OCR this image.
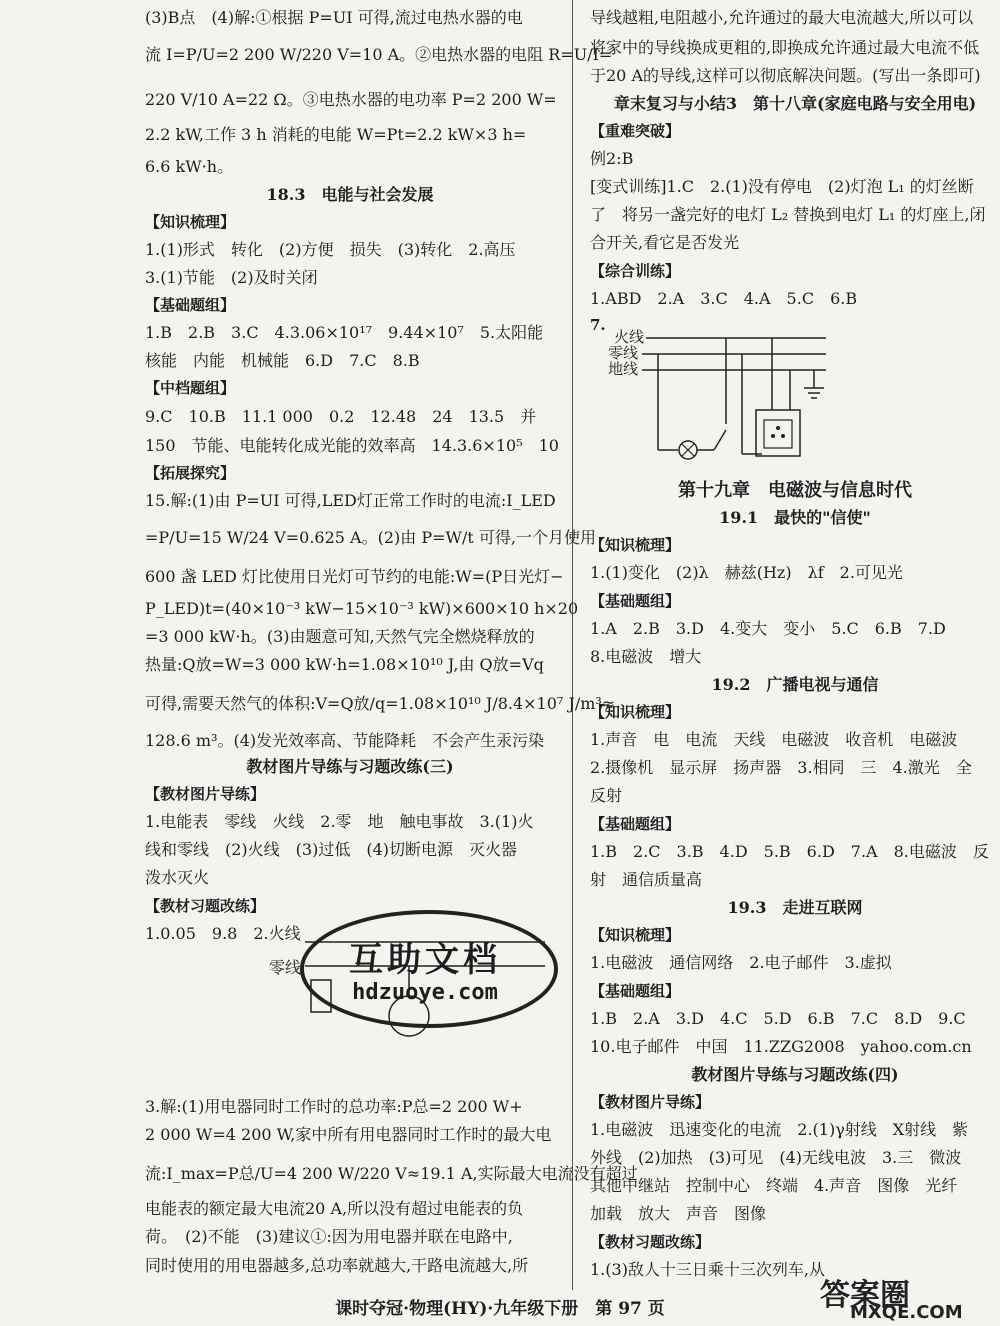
(3)B点　(4)解:①根据 P=UI 可得,流过电热水器的电
流 I=P/U=2 200 W/220 V=10 A。②电热水器的电阻 R=U/I=
220 V/10 A=22 Ω。③电热水器的电功率 P=2 200 W=
2.2 kW,工作 3 h 消耗的电能 W=Pt=2.2 kW×3 h=
6.6 kW·h。
18.3　电能与社会发展
【知识梳理】
1.(1)形式　转化　(2)方便　损失　(3)转化　2.高压
3.(1)节能　(2)及时关闭
【基础题组】
1.B　2.B　3.C　4.3.06×10¹⁷　9.44×10⁷　5.太阳能
核能　内能　机械能　6.D　7.C　8.B
【中档题组】
9.C　10.B　11.1 000　0.2　12.48　24　13.5　并
150　节能、电能转化成光能的效率高　14.3.6×10⁵　10
【拓展探究】
15.解:(1)由 P=UI 可得,LED灯正常工作时的电流:I_LED
=P/U=15 W/24 V=0.625 A。(2)由 P=W/t 可得,一个月使用
600 盏 LED 灯比使用日光灯可节约的电能:W=(P日光灯−
P_LED)t=(40×10⁻³ kW−15×10⁻³ kW)×600×10 h×20
=3 000 kW·h。(3)由题意可知,天然气完全燃烧释放的
热量:Q放=W=3 000 kW·h=1.08×10¹⁰ J,由 Q放=Vq
可得,需要天然气的体积:V=Q放/q=1.08×10¹⁰ J/8.4×10⁷ J/m³≈
128.6 m³。(4)发光效率高、节能降耗　不会产生汞污染
教材图片导练与习题改练(三)
【教材图片导练】
1.电能表　零线　火线　2.零　地　触电事故　3.(1)火
线和零线　(2)火线　(3)过低　(4)切断电源　灭火器
泼水灭火
【教材习题改练】
1.0.05　9.8　2.火线
零线
3.解:(1)用电器同时工作时的总功率:P总=2 200 W+
2 000 W=4 200 W,家中所有用电器同时工作时的最大电
流:I_max=P总/U=4 200 W/220 V≈19.1 A,实际最大电流没有超过
电能表的额定最大电流20 A,所以没有超过电能表的负
荷。　(2)不能　(3)建议①:因为用电器并联在电路中,
同时使用的用电器越多,总功率就越大,干路电流越大,所
导线越粗,电阻越小,允许通过的最大电流越大,所以可以
将家中的导线换成更粗的,即换成允许通过最大电流不低
于20 A的导线,这样可以彻底解决问题。(写出一条即可)
章末复习与小结3　第十八章(家庭电路与安全用电)
【重难突破】
例2:B
[变式训练]1.C　2.(1)没有停电　(2)灯泡 L₁ 的灯丝断
了　将另一盏完好的电灯 L₂ 替换到电灯 L₁ 的灯座上,闭
合开关,看它是否发光
【综合训练】
1.ABD　2.A　3.C　4.A　5.C　6.B
7.
火线
零线
地线
第十九章　电磁波与信息时代
19.1　最快的"信使"
【知识梳理】
1.(1)变化　(2)λ　赫兹(Hz)　λf　2.可见光
【基础题组】
1.A　2.B　3.D　4.变大　变小　5.C　6.B　7.D
8.电磁波　增大
19.2　广播电视与通信
【知识梳理】
1.声音　电　电流　天线　电磁波　收音机　电磁波
2.摄像机　显示屏　扬声器　3.相同　三　4.激光　全
反射
【基础题组】
1.B　2.C　3.B　4.D　5.B　6.D　7.A　8.电磁波　反
射　通信质量高
19.3　走进互联网
【知识梳理】
1.电磁波　通信网络　2.电子邮件　3.虚拟
【基础题组】
1.B　2.A　3.D　4.C　5.D　6.B　7.C　8.D　9.C
10.电子邮件　中国　11.ZZG2008　yahoo.com.cn
教材图片导练与习题改练(四)
【教材图片导练】
1.电磁波　迅速变化的电流　2.(1)γ射线　X射线　紫
外线　(2)加热　(3)可见　(4)无线电波　3.三　微波
其他中继站　控制中心　终端　4.声音　图像　光纤
加载　放大　声音　图像
【教材习题改练】
1.(3)敌人十三日乘十三次列车,从
互助文档
hdzuoye.com
答案圈
MXQE.COM
课时夺冠·物理(HY)·九年级下册　第 97 页
